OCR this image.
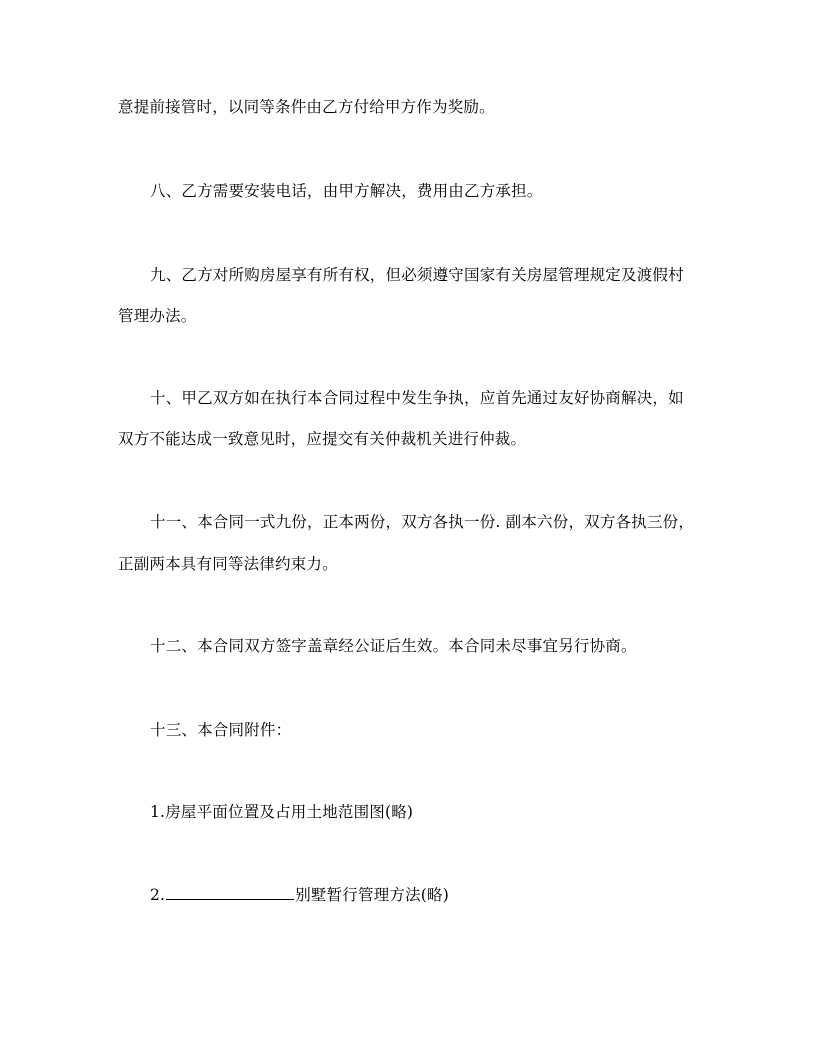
意提前接管时，以同等条件由乙方付给甲方作为奖励。
八、乙方需要安装电话，由甲方解决，费用由乙方承担。
九、乙方对所购房屋享有所有权，但必须遵守国家有关房屋管理规定及渡假村
管理办法。
十、甲乙双方如在执行本合同过程中发生争执，应首先通过友好协商解决，如
双方不能达成一致意见时，应提交有关仲裁机关进行仲裁。
十一、本合同一式九份，正本两份，双方各执一份. 副本六份，双方各执三份，
正副两本具有同等法律约束力。
十二、本合同双方签字盖章经公证后生效。本合同未尽事宜另行协商。
十三、本合同附件：
1.房屋平面位置及占用土地范围图(略)
2.	别墅暂行管理方法(略)
